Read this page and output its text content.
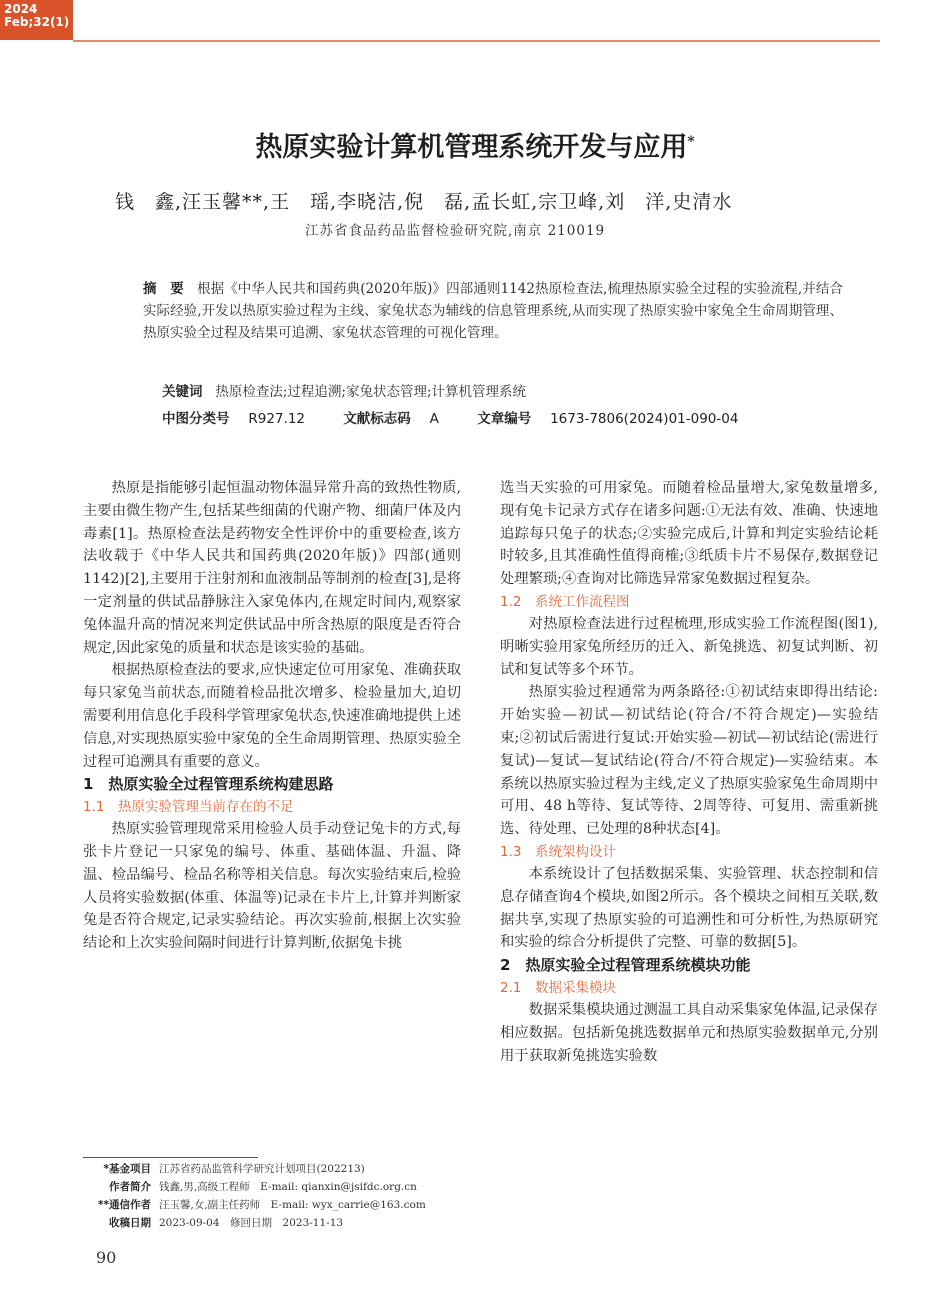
2024
Feb;32(1)
热原实验计算机管理系统开发与应用*
钱　鑫,汪玉馨**,王　瑶,李晓洁,倪　磊,孟长虹,宗卫峰,刘　洋,史清水
江苏省食品药品监督检验研究院,南京 210019
摘　要 根据《中华人民共和国药典(2020年版)》四部通则1142热原检查法,梳理热原实验全过程的实验流程,并结合实际经验,开发以热原实验过程为主线、家兔状态为辅线的信息管理系统,从而实现了热原实验中家兔全生命周期管理、热原实验全过程及结果可追溯、家兔状态管理的可视化管理。
关键词 热原检查法;过程追溯;家兔状态管理;计算机管理系统
中图分类号 R927.12	文献标志码 A	文章编号 1673-7806(2024)01-090-04

热原是指能够引起恒温动物体温异常升高的致热性物质,主要由微生物产生,包括某些细菌的代谢产物、细菌尸体及内毒素[1]。热原检查法是药物安全性评价中的重要检查,该方法收载于《中华人民共和国药典(2020年版)》四部(通则1142)[2],主要用于注射剂和血液制品等制剂的检查[3],是将一定剂量的供试品静脉注入家兔体内,在规定时间内,观察家兔体温升高的情况来判定供试品中所含热原的限度是否符合规定,因此家兔的质量和状态是该实验的基础。

根据热原检查法的要求,应快速定位可用家兔、准确获取每只家兔当前状态,而随着检品批次增多、检验量加大,迫切需要利用信息化手段科学管理家兔状态,快速准确地提供上述信息,对实现热原实验中家兔的全生命周期管理、热原实验全过程可追溯具有重要的意义。

1　热原实验全过程管理系统构建思路

1.1　热原实验管理当前存在的不足

热原实验管理现常采用检验人员手动登记兔卡的方式,每张卡片登记一只家兔的编号、体重、基础体温、升温、降温、检品编号、检品名称等相关信息。每次实验结束后,检验人员将实验数据(体重、体温等)记录在卡片上,计算并判断家兔是否符合规定,记录实验结论。再次实验前,根据上次实验结论和上次实验间隔时间进行计算判断,依据兔卡挑

选当天实验的可用家兔。而随着检品量增大,家兔数量增多,现有兔卡记录方式存在诸多问题:①无法有效、准确、快速地追踪每只兔子的状态;②实验完成后,计算和判定实验结论耗时较多,且其准确性值得商榷;③纸质卡片不易保存,数据登记处理繁琐;④查询对比筛选异常家兔数据过程复杂。

1.2　系统工作流程图

对热原检查法进行过程梳理,形成实验工作流程图(图1),明晰实验用家兔所经历的迁入、新兔挑选、初复试判断、初试和复试等多个环节。

热原实验过程通常为两条路径:①初试结束即得出结论:开始实验—初试—初试结论(符合/不符合规定)—实验结束;②初试后需进行复试:开始实验—初试—初试结论(需进行复试)—复试—复试结论(符合/不符合规定)—实验结束。本系统以热原实验过程为主线,定义了热原实验家兔生命周期中可用、48 h等待、复试等待、2周等待、可复用、需重新挑选、待处理、已处理的8种状态[4]。

1.3　系统架构设计

本系统设计了包括数据采集、实验管理、状态控制和信息存储查询4个模块,如图2所示。各个模块之间相互关联,数据共享,实现了热原实验的可追溯性和可分析性,为热原研究和实验的综合分析提供了完整、可靠的数据[5]。

2　热原实验全过程管理系统模块功能

2.1　数据采集模块

数据采集模块通过测温工具自动采集家兔体温,记录保存相应数据。包括新兔挑选数据单元和热原实验数据单元,分别用于获取新兔挑选实验数

*基金项目 江苏省药品监管科学研究计划项目(202213)
作者简介 钱鑫,男,高级工程师　E-mail: qianxin@jsifdc.org.cn
**通信作者 汪玉馨,女,副主任药师　E-mail: wyx_carrie@163.com
收稿日期 2023-09-04　修回日期　2023-11-13
90
